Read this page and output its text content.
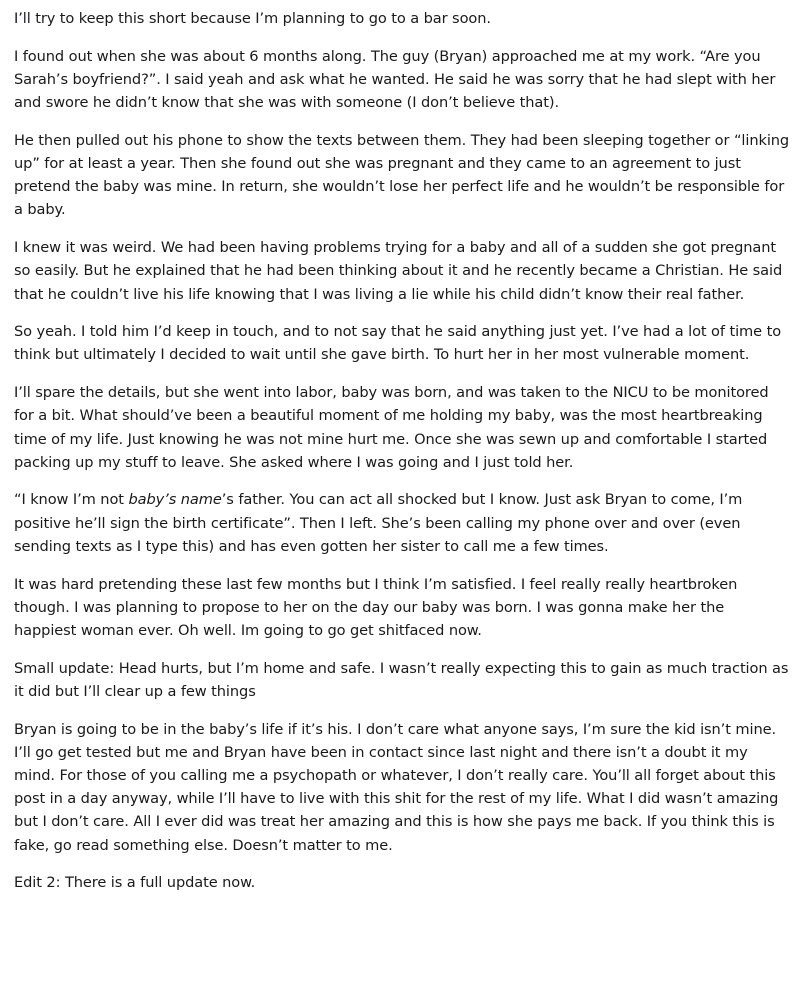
I’ll try to keep this short because I’m planning to go to a bar soon.

I found out when she was about 6 months along. The guy (Bryan) approached me at my work. “Are you Sarah’s boyfriend?”. I said yeah and ask what he wanted. He said he was sorry that he had slept with her and swore he didn’t know that she was with someone (I don’t believe that).

He then pulled out his phone to show the texts between them. They had been sleeping together or “linking up” for at least a year. Then she found out she was pregnant and they came to an agreement to just pretend the baby was mine. In return, she wouldn’t lose her perfect life and he wouldn’t be responsible for a baby.

I knew it was weird. We had been having problems trying for a baby and all of a sudden she got pregnant so easily. But he explained that he had been thinking about it and he recently became a Christian. He said that he couldn’t live his life knowing that I was living a lie while his child didn’t know their real father.

So yeah. I told him I’d keep in touch, and to not say that he said anything just yet. I’ve had a lot of time to think but ultimately I decided to wait until she gave birth. To hurt her in her most vulnerable moment.

I’ll spare the details, but she went into labor, baby was born, and was taken to the NICU to be monitored for a bit. What should’ve been a beautiful moment of me holding my baby, was the most heartbreaking time of my life. Just knowing he was not mine hurt me. Once she was sewn up and comfortable I started packing up my stuff to leave. She asked where I was going and I just told her.

“I know I’m not baby’s name’s father. You can act all shocked but I know. Just ask Bryan to come, I’m positive he’ll sign the birth certificate”. Then I left. She’s been calling my phone over and over (even sending texts as I type this) and has even gotten her sister to call me a few times.

It was hard pretending these last few months but I think I’m satisfied. I feel really really heartbroken though. I was planning to propose to her on the day our baby was born. I was gonna make her the happiest woman ever. Oh well. Im going to go get shitfaced now.

Small update: Head hurts, but I’m home and safe. I wasn’t really expecting this to gain as much traction as it did but I’ll clear up a few things

Bryan is going to be in the baby’s life if it’s his. I don’t care what anyone says, I’m sure the kid isn’t mine. I’ll go get tested but me and Bryan have been in contact since last night and there isn’t a doubt it my mind. For those of you calling me a psychopath or whatever, I don’t really care. You’ll all forget about this post in a day anyway, while I’ll have to live with this shit for the rest of my life. What I did wasn’t amazing but I don’t care. All I ever did was treat her amazing and this is how she pays me back. If you think this is fake, go read something else. Doesn’t matter to me.

Edit 2: There is a full update now.
